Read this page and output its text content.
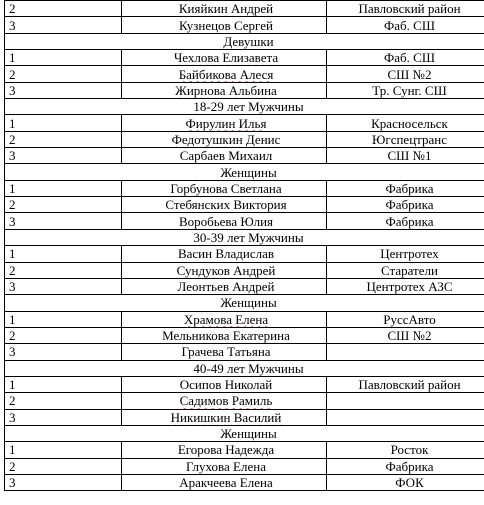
2	Кияйкин Андрей	Павловский район
3	Кузнецов Сергей	Фаб. СШ
Девушки		
1	Чехлова Елизавета	Фаб. СШ
2	Байбикова Алеся	СШ №2
3	Жирнова Альбина	Тр. Сунг. СШ
18-29 лет Мужчины		
1	Фирулин Илья	Красносельск
2	Федотушкин Денис	Югспецтранс
3	Сарбаев Михаил	СШ №1
Женщины		
1	Горбунова Светлана	Фабрика
2	Стебянских Виктория	Фабрика
3	Воробьева Юлия	Фабрика
30-39 лет Мужчины		
1	Васин Владислав	Центротех
2	Сундуков Андрей	Старатели
3	Леонтьев Андрей	Центротех АЗС
Женщины		
1	Храмова Елена	РуссАвто
2	Мельникова Екатерина	СШ №2
3	Грачева Татьяна	
40-49 лет Мужчины		
1	Осипов Николай	Павловский район
2	Садимов Рамиль	
3	Никишкин Василий	
Женщины		
1	Егорова Надежда	Росток
2	Глухова Елена	Фабрика
3	Аракчеева Елена	ФОК
